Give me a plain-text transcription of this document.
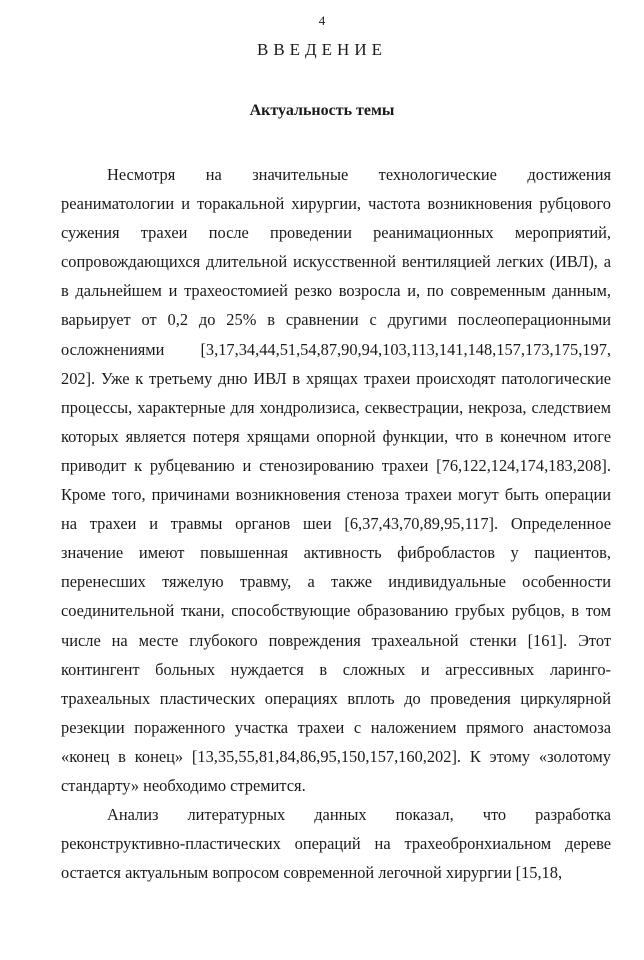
4
ВВЕДЕНИЕ
Актуальность темы

Несмотря на значительные технологические достижения реаниматологии и торакальной хирургии, частота возникновения рубцового сужения трахеи после проведении реанимационных мероприятий, сопровождающихся длительной искусственной вентиляцией легких (ИВЛ), а в дальнейшем и трахеостомией резко возросла и, по современным данным, варьирует от 0,2 до 25% в сравнении с другими послеоперационными осложнениями [3,17,34,44,51,54,87,90,94,103,113,141,148,157,173,175,197, 202]. Уже к третьему дню ИВЛ в хрящах трахеи происходят патологические процессы, характерные для хондролизиса, секвестрации, некроза, следствием которых является потеря хрящами опорной функции, что в конечном итоге приводит к рубцеванию и стенозированию трахеи [76,122,124,174,183,208]. Кроме того, причинами возникновения стеноза трахеи могут быть операции на трахеи и травмы органов шеи [6,37,43,70,89,95,117]. Определенное значение имеют повышенная активность фибробластов у пациентов, перенесших тяжелую травму, а также индивидуальные особенности соединительной ткани, способствующие образованию грубых рубцов, в том числе на месте глубокого повреждения трахеальной стенки [161]. Этот контингент больных нуждается в сложных и агрессивных ларинго-трахеальных пластических операциях вплоть до проведения циркулярной резекции пораженного участка трахеи с наложением прямого анастомоза «конец в конец» [13,35,55,81,84,86,95,150,157,160,202]. К этому «золотому стандарту» необходимо стремится.

Анализ литературных данных показал, что разработка реконструктивно-пластических операций на трахеобронхиальном дереве остается актуальным вопросом современной легочной хирургии [15,18,
